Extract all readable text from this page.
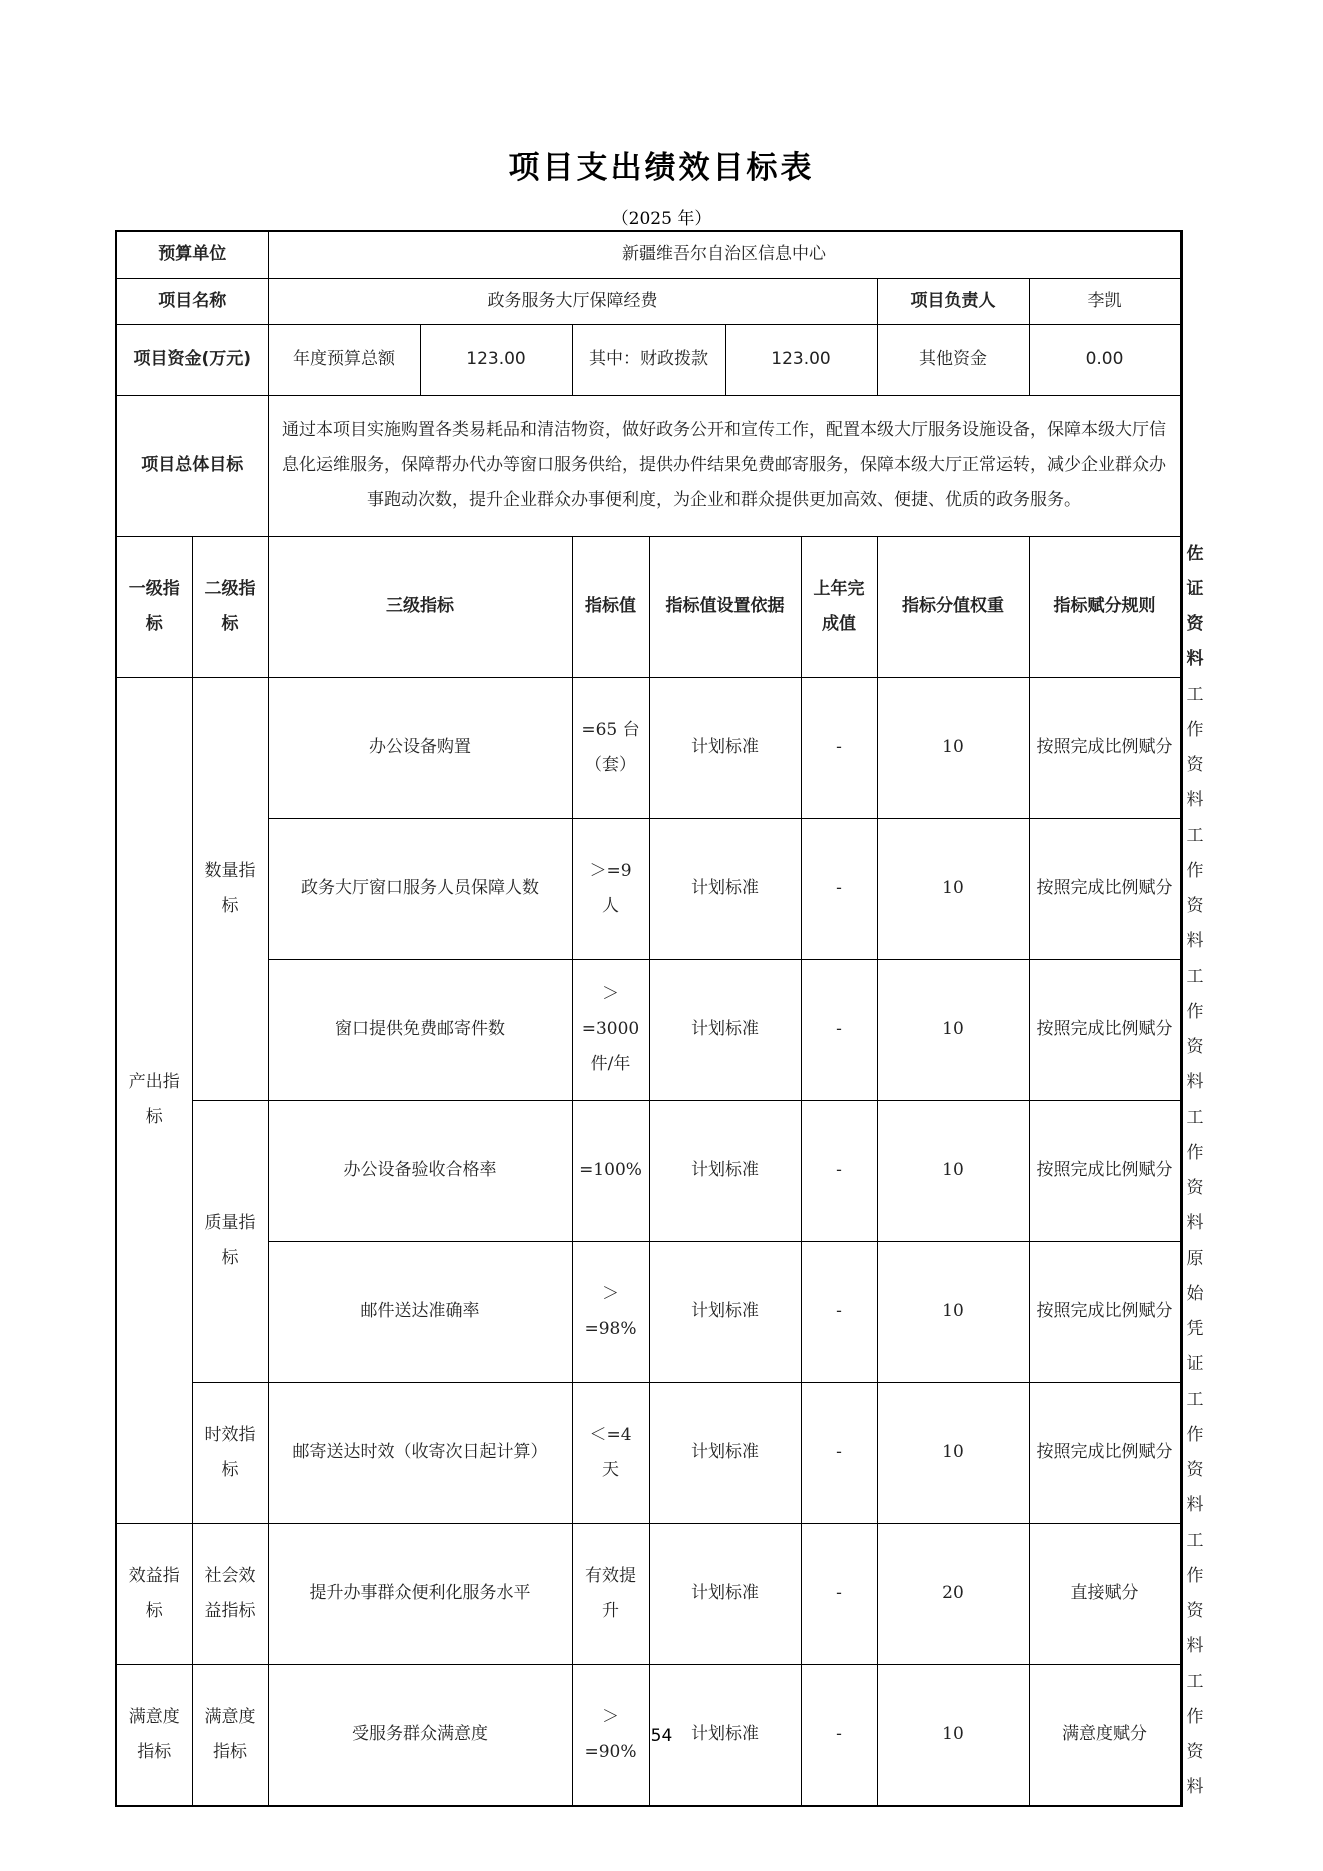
项目支出绩效目标表
（2025 年）
预算单位		新疆维吾尔自治区信息中心								
项目名称		政务服务大厅保障经费						项目负责人	李凯	
项目资金(万元)		年度预算总额	123.00	其中：财政拨款		123.00		其他资金	0.00	
项目总体目标		通过本项目实施购置各类易耗品和清洁物资，做好政务公开和宣传工作，配置本级大厅服务设施设备，保障本级大厅信息化运维服务，保障帮办代办等窗口服务供给，提供办件结果免费邮寄服务，保障本级大厅正常运转，减少企业群众办事跑动次数，提升企业群众办事便利度，为企业和群众提供更加高效、便捷、优质的政务服务。								
一级指标	二级指标	三级指标		指标值	指标值设置依据		上年完成值	指标分值权重	指标赋分规则	佐证资料
产出指标	数量指标	办公设备购置		=65 台（套）	计划标准		-	10	按照完成比例赋分	工作资料
		政务大厅窗口服务人员保障人数		＞=9 人	计划标准		-	10	按照完成比例赋分	工作资料
		窗口提供免费邮寄件数		＞ =3000 件/年	计划标准		-	10	按照完成比例赋分	工作资料
	质量指标	办公设备验收合格率		=100%	计划标准		-	10	按照完成比例赋分	工作资料
		邮件送达准确率		＞ =98%	计划标准		-	10	按照完成比例赋分	原始凭证
	时效指标	邮寄送达时效（收寄次日起计算）		＜=4 天	计划标准		-	10	按照完成比例赋分	工作资料
效益指标	社会效益指标	提升办事群众便利化服务水平		有效提升	计划标准		-	20	直接赋分	工作资料
满意度指标	满意度指标	受服务群众满意度		＞ =90%	计划标准		-	10	满意度赋分	工作资料
54
